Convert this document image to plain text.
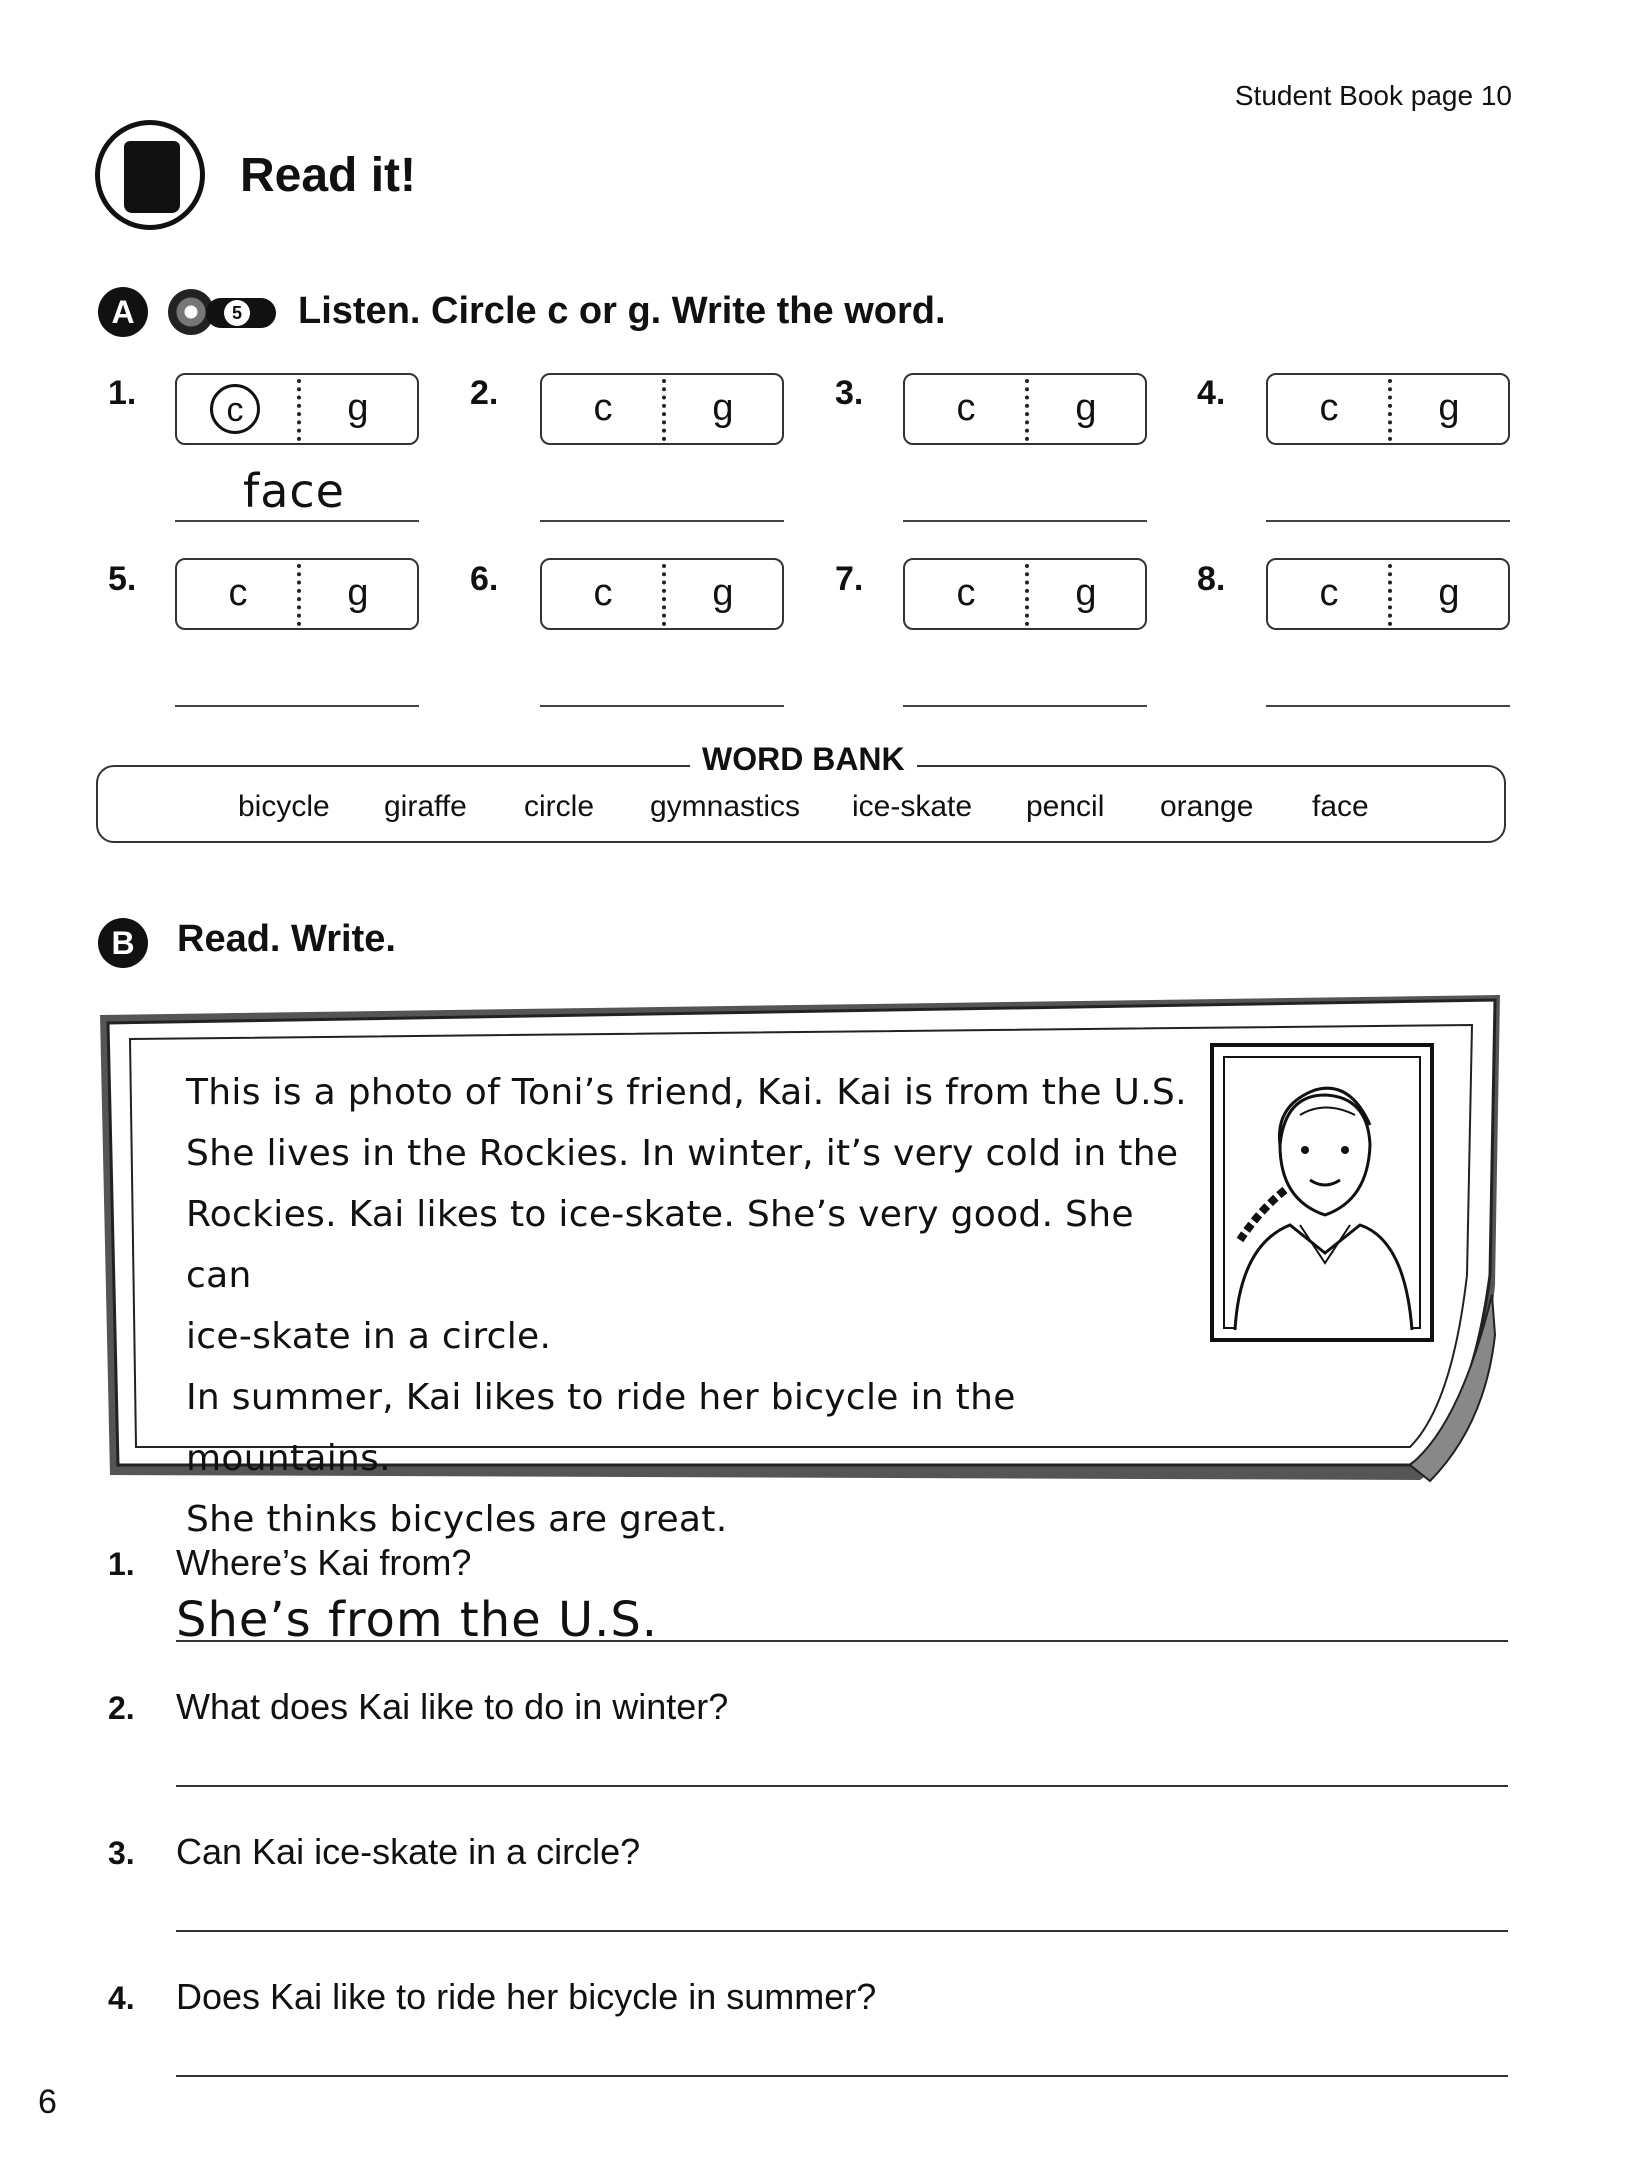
Student Book page 10
Read it!
A	5 Listen. Circle c or g. Write the word.
1.	c	g
face
2.	c	g	3.	c	g	4.	c	g
5.	c	g	6.	c	g	7.	c	g	8.	c	g
WORD BANK
bicycle giraffe circle gymnastics ice-skate pencil orange face
B	Read. Write.
This is a photo of Toni’s friend, Kai. Kai is from the U.S.
She lives in the Rockies. In winter, it’s very cold in the
Rockies. Kai likes to ice-skate. She’s very good. She can
ice-skate in a circle.
In summer, Kai likes to ride her bicycle in the mountains.
She thinks bicycles are great.
1. Where’s Kai from?
She’s from the U.S.
2. What does Kai like to do in winter?
3. Can Kai ice-skate in a circle?
4. Does Kai like to ride her bicycle in summer?
6
